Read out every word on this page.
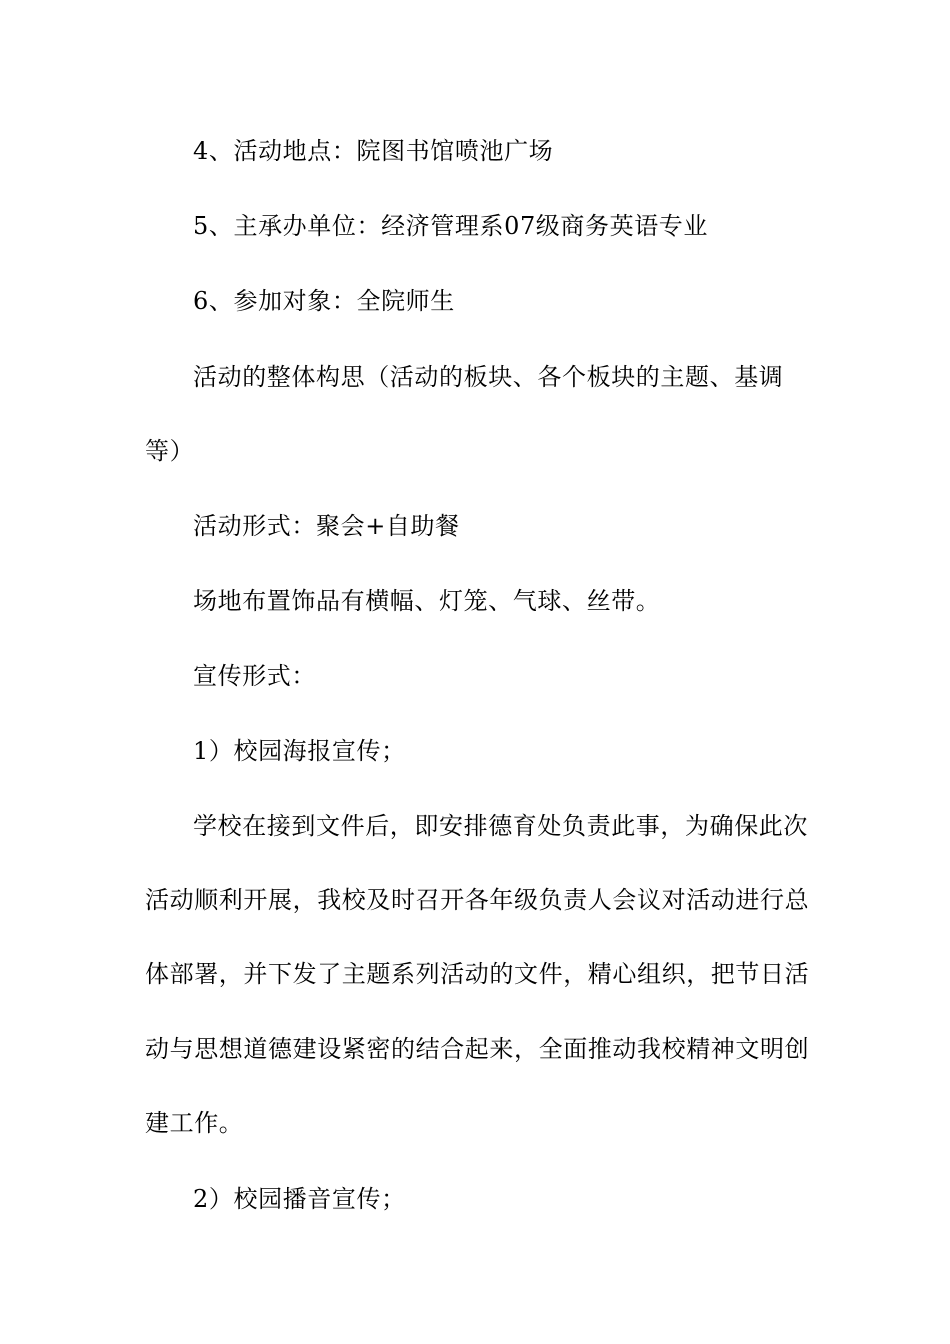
4、活动地点：院图书馆喷池广场
5、主承办单位：经济管理系07级商务英语专业
6、参加对象：全院师生
活动的整体构思（活动的板块、各个板块的主题、基调
等）
活动形式：聚会+自助餐
场地布置饰品有横幅、灯笼、气球、丝带。
宣传形式：
1）校园海报宣传；
学校在接到文件后，即安排德育处负责此事，为确保此次
活动顺利开展，我校及时召开各年级负责人会议对活动进行总
体部署，并下发了主题系列活动的文件，精心组织，把节日活
动与思想道德建设紧密的结合起来，全面推动我校精神文明创
建工作。
2）校园播音宣传；
